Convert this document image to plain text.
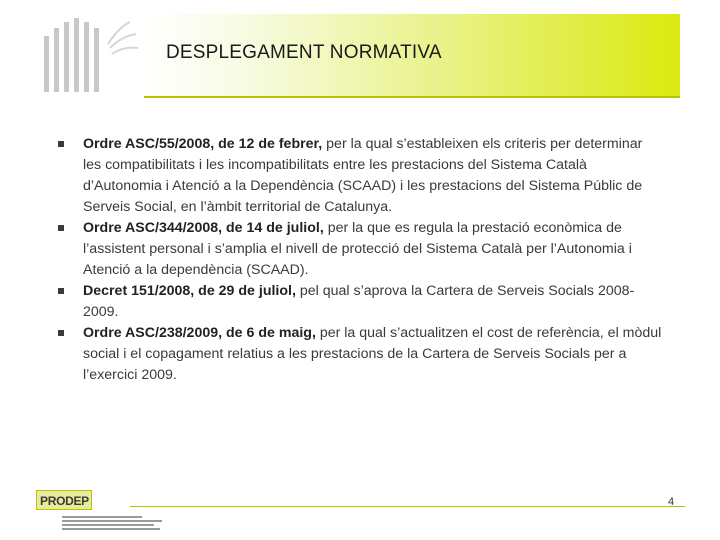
DESPLEGAMENT NORMATIVA
Ordre ASC/55/2008, de 12 de febrer, per la qual s’estableixen els criteris per determinar les compatibilitats i les incompatibilitats entre les prestacions del Sistema Català d’Autonomia i Atenció a la Dependència (SCAAD) i les prestacions del Sistema Públic de Serveis Social, en l’àmbit territorial de Catalunya.
Ordre ASC/344/2008, de 14 de juliol, per la que es regula la prestació econòmica de l’assistent personal i s’amplia el nivell de protecció del Sistema Català per l’Autonomia i Atenció a la dependència (SCAAD).
Decret 151/2008, de 29 de juliol, pel qual s’aprova la Cartera de Serveis Socials 2008-2009.
Ordre ASC/238/2009, de 6 de maig, per la qual s’actualitzen el cost de referència, el mòdul social i el copagament relatius a les prestacions de la Cartera de Serveis Socials per a l’exercici 2009.
4
PRODEP
